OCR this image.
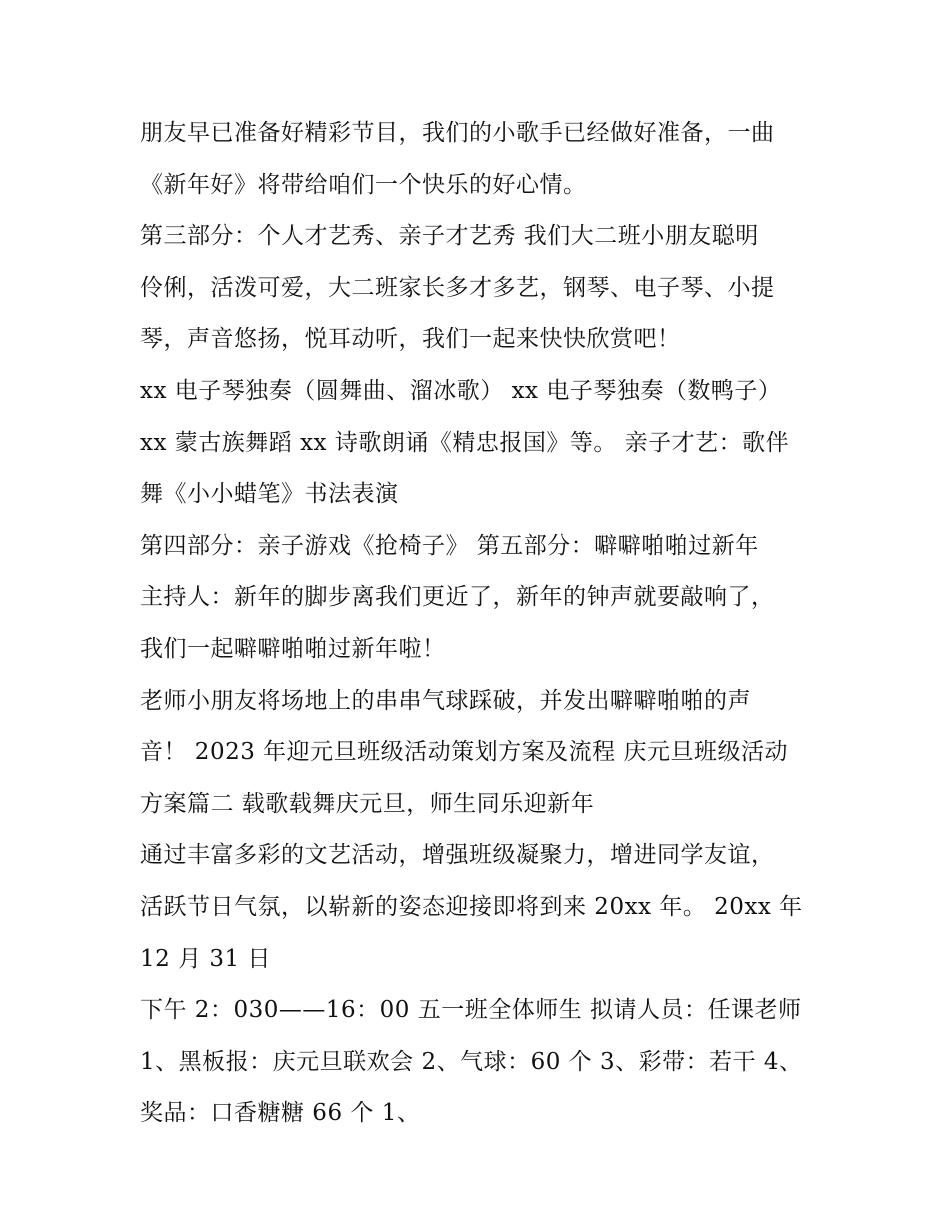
朋友早已准备好精彩节目，我们的小歌手已经做好准备，一曲
《新年好》将带给咱们一个快乐的好心情。
第三部分：个人才艺秀、亲子才艺秀 我们大二班小朋友聪明
伶俐，活泼可爱，大二班家长多才多艺，钢琴、电子琴、小提
琴，声音悠扬，悦耳动听，我们一起来快快欣赏吧！
xx 电子琴独奏（圆舞曲、溜冰歌） xx 电子琴独奏（数鸭子）
xx 蒙古族舞蹈 xx 诗歌朗诵《精忠报国》等。 亲子才艺：歌伴
舞《小小蜡笔》书法表演
第四部分：亲子游戏《抢椅子》 第五部分：噼噼啪啪过新年
主持人：新年的脚步离我们更近了，新年的钟声就要敲响了，
我们一起噼噼啪啪过新年啦！
老师小朋友将场地上的串串气球踩破，并发出噼噼啪啪的声
音！ 2023 年迎元旦班级活动策划方案及流程 庆元旦班级活动
方案篇二 载歌载舞庆元旦，师生同乐迎新年
通过丰富多彩的文艺活动，增强班级凝聚力，增进同学友谊，
活跃节日气氛，以崭新的姿态迎接即将到来 20xx 年。 20xx 年
12 月 31 日
下午 2：030——16：00 五一班全体师生 拟请人员：任课老师
1、黑板报：庆元旦联欢会 2、气球：60 个 3、彩带：若干 4、
奖品：口香糖糖 66 个 1、
